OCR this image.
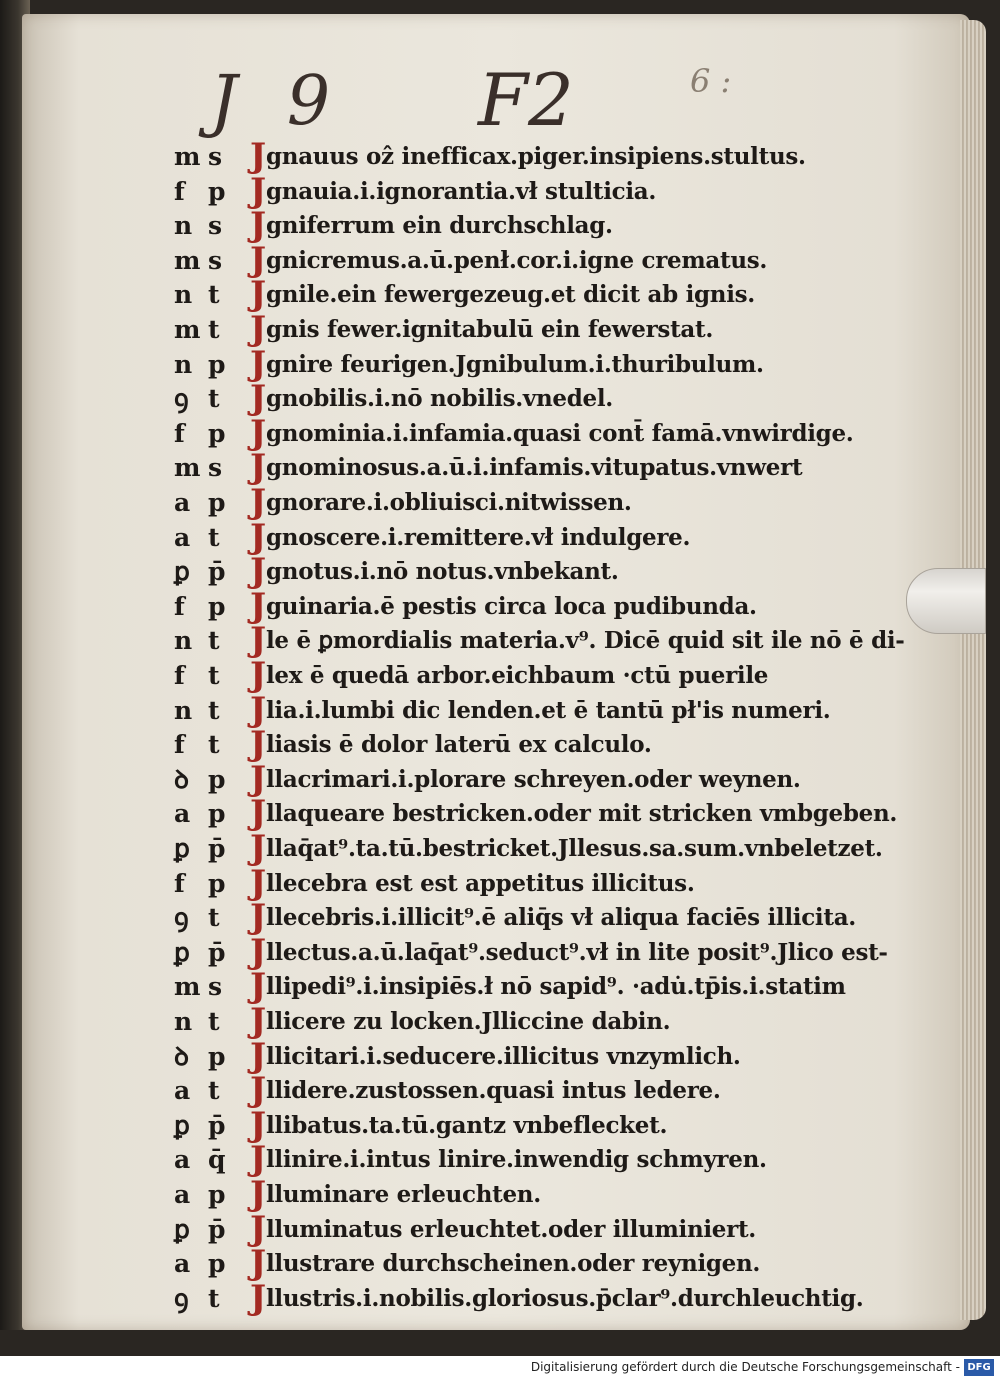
J 9 F2	6 :
m s J gnauus oẑ inefficax.piger.insipiens.stultus.
f p J gnauia.i.ignorantia.vł stulticia.
n s J gniferrum ein durchschlag.
m s J gnicremus.a.ū.penł.cor.i.igne crematus.
n t J gnile.ein fewergezeug.et dicit ab ignis.
m t J gnis fewer.ignitabulū ein fewerstat.
n p J gnire feurigen.Jgnibulum.i.thuribulum.
ꝯ t J gnobilis.i.nō nobilis.vnedel.
f p J gnominia.i.infamia.quasi cont̄ famā.vnwirdige.
m s J gnominosus.a.ū.i.infamis.vitupatus.vnwert
a p J gnorare.i.obliuisci.nitwissen.
a t J gnoscere.i.remittere.vł indulgere.
ꝑ p̄ J gnotus.i.nō notus.vnbekant.
f p J guinaria.ē pestis circa loca pudibunda.
n t J le ē ꝑmordialis materia.v⁹. Dicē quid sit ile nō ē di-
f t J lex ē quedā arbor.eichbaum ·ctū puerile
n t J lia.i.lumbi dic lenden.et ē tantū pł'is numeri.
f t J liasis ē dolor laterū ex calculo.
ꝺ p J llacrimari.i.plorare schreyen.oder weynen.
a p J llaqueare bestricken.oder mit stricken vmbgeben.
ꝑ p̄ J llaq̄at⁹.ta.tū.bestricket.Jllesus.sa.sum.vnbeletzet.
f p J llecebra est est appetitus illicitus.
ꝯ t J llecebris.i.illicit⁹.ē aliq̄s vł aliqua faciēs illicita.
ꝑ p̄ J llectus.a.ū.laq̄at⁹.seduct⁹.vł in lite posit⁹.Jlico est-
m s J llipedi⁹.i.insipiēs.ł nō sapid⁹. ·adu̇.tp̄is.i.statim
n t J llicere zu locken.Jlliccine dabin.
ꝺ p J llicitari.i.seducere.illicitus vnzymlich.
a t J llidere.zustossen.quasi intus ledere.
ꝑ p̄ J llibatus.ta.tū.gantz vnbeflecket.
a q̄ J llinire.i.intus linire.inwendig schmyren.
a p J lluminare erleuchten.
ꝑ p̄ J lluminatus erleuchtet.oder illuminiert.
a p J llustrare durchscheinen.oder reynigen.
ꝯ t J llustris.i.nobilis.gloriosus.p̄clar⁹.durchleuchtig.
Digitalisierung gefördert durch die Deutsche Forschungsgemeinschaft - DFG
